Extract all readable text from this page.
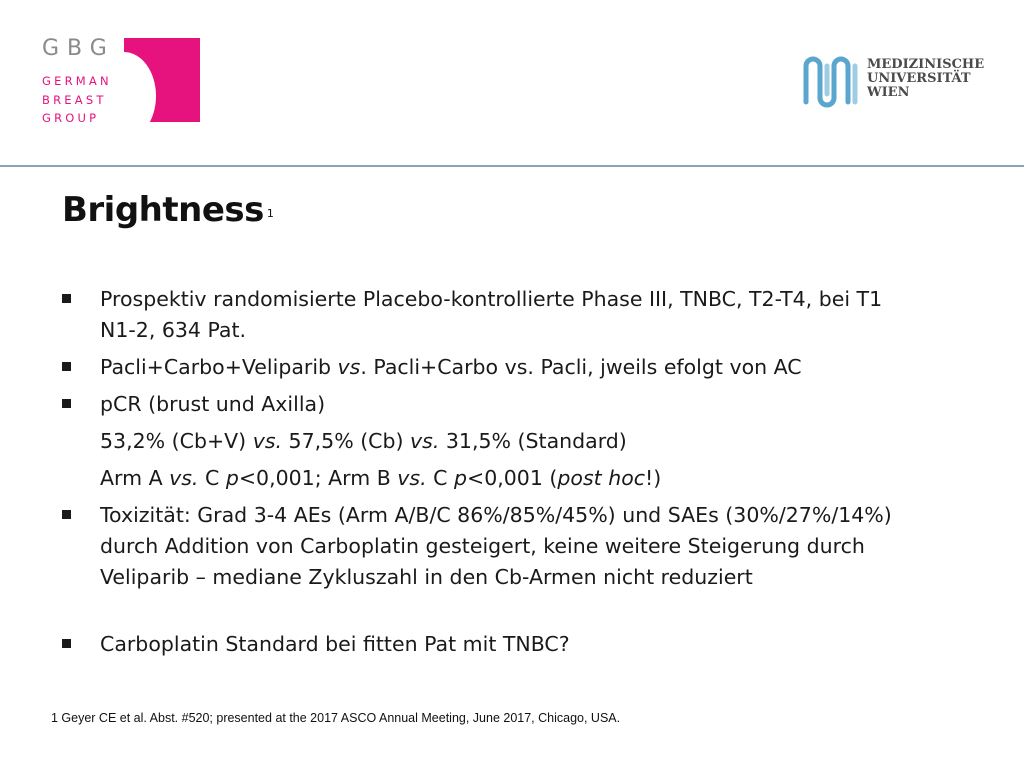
GBG
GERMAN
BREAST
GROUP
MEDIZINISCHE
UNIVERSITÄT
WIEN
Brightness $^1$
Prospektiv randomisierte Placebo-kontrollierte Phase III, TNBC, T2-T4, bei T1
N1-2, 634 Pat.
Pacli+Carbo+Veliparib vs. Pacli+Carbo vs. Pacli, jweils efolgt von AC
pCR (brust und Axilla)
53,2% (Cb+V) vs. 57,5% (Cb) vs. 31,5% (Standard)
Arm A vs. C p<0,001; Arm B vs. C p<0,001 (post hoc!)
Toxizität: Grad 3-4 AEs (Arm A/B/C 86%/85%/45%) und SAEs (30%/27%/14%)
durch Addition von Carboplatin gesteigert, keine weitere Steigerung durch
Veliparib – mediane Zykluszahl in den Cb-Armen nicht reduziert
Carboplatin Standard bei fitten Pat mit TNBC?
1 Geyer CE et al. Abst. #520; presented at the 2017 ASCO Annual Meeting, June 2017, Chicago, USA.
